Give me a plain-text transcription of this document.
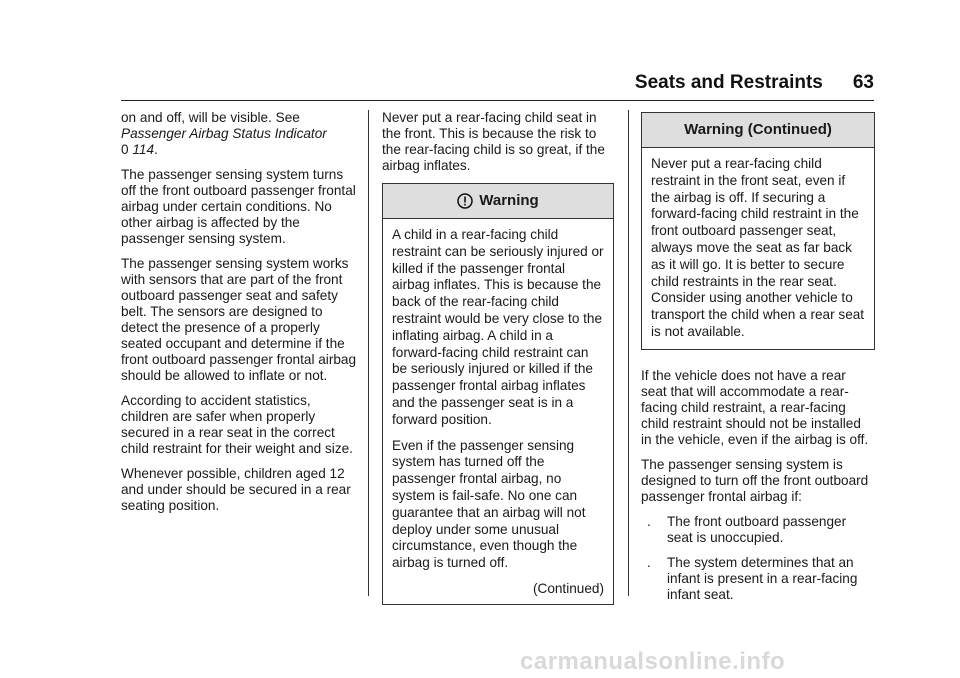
Seats and Restraints 63

on and off, will be visible. See
Passenger Airbag Status Indicator
0 114.

The passenger sensing system turns off the front outboard passenger frontal airbag under certain conditions. No other airbag is affected by the passenger sensing system.

The passenger sensing system works with sensors that are part of the front outboard passenger seat and safety belt. The sensors are designed to detect the presence of a properly seated occupant and determine if the front outboard passenger frontal airbag should be allowed to inflate or not.

According to accident statistics, children are safer when properly secured in a rear seat in the correct child restraint for their weight and size.

Whenever possible, children aged 12 and under should be secured in a rear seating position.

Never put a rear-facing child seat in the front. This is because the risk to the rear-facing child is so great, if the airbag inflates.

Warning

A child in a rear-facing child restraint can be seriously injured or killed if the passenger frontal airbag inflates. This is because the back of the rear-facing child restraint would be very close to the inflating airbag. A child in a forward-facing child restraint can be seriously injured or killed if the passenger frontal airbag inflates and the passenger seat is in a forward position.

Even if the passenger sensing system has turned off the passenger frontal airbag, no system is fail-safe. No one can guarantee that an airbag will not deploy under some unusual circumstance, even though the airbag is turned off.

(Continued)

Warning (Continued)

Never put a rear-facing child restraint in the front seat, even if the airbag is off. If securing a forward-facing child restraint in the front outboard passenger seat, always move the seat as far back as it will go. It is better to secure child restraints in the rear seat. Consider using another vehicle to transport the child when a rear seat is not available.

If the vehicle does not have a rear seat that will accommodate a rear-facing child restraint, a rear-facing child restraint should not be installed in the vehicle, even if the airbag is off.

The passenger sensing system is designed to turn off the front outboard passenger frontal airbag if:

.	The front outboard passenger seat is unoccupied.
.	The system determines that an infant is present in a rear-facing infant seat.
carmanualsonline.info
